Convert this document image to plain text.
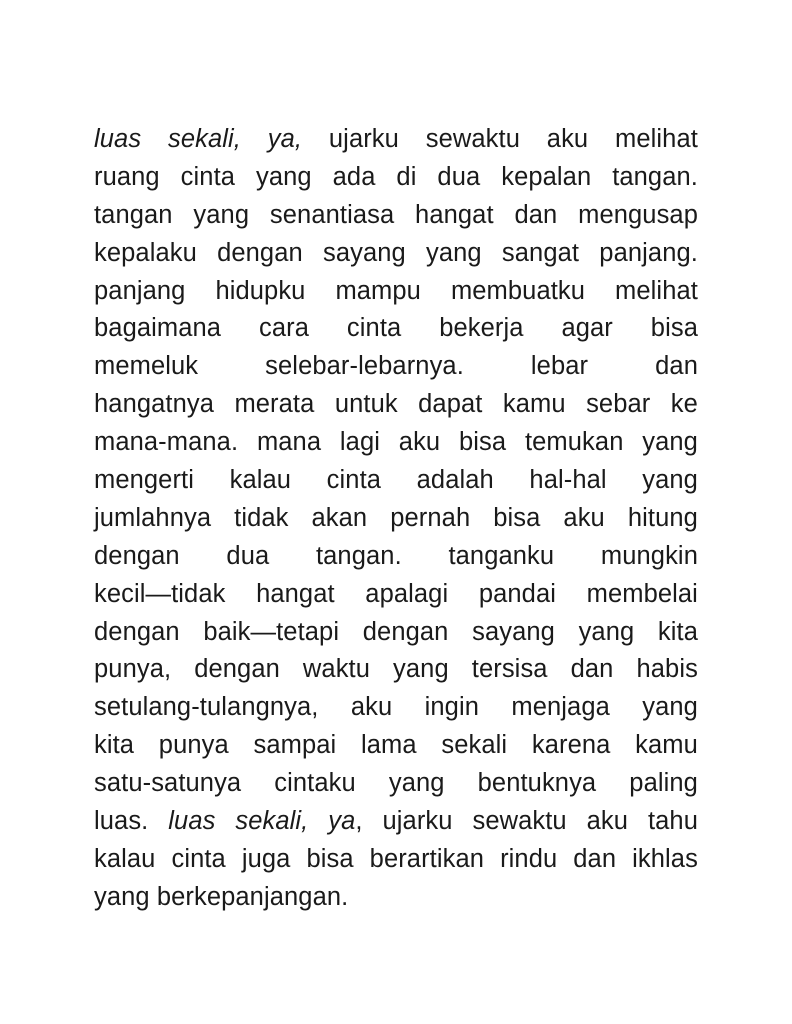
luas sekali, ya, ujarku sewaktu aku melihat
ruang cinta yang ada di dua kepalan tangan.
tangan yang senantiasa hangat dan mengusap
kepalaku dengan sayang yang sangat panjang.
panjang hidupku mampu membuatku melihat
bagaimana cara cinta bekerja agar bisa
memeluk	selebar-lebarnya.	lebar	dan
hangatnya merata untuk dapat kamu sebar ke
mana-mana. mana lagi aku bisa temukan yang
mengerti kalau cinta adalah hal-hal yang
jumlahnya tidak akan pernah bisa aku hitung
dengan dua tangan. tanganku mungkin
kecil—tidak hangat apalagi pandai membelai
dengan baik—tetapi dengan sayang yang kita
punya, dengan waktu yang tersisa dan habis
setulang-tulangnya, aku ingin menjaga yang
kita punya sampai lama sekali karena kamu
satu-satunya cintaku yang bentuknya paling
luas. luas sekali, ya, ujarku sewaktu aku tahu
kalau cinta juga bisa berartikan rindu dan ikhlas
yang berkepanjangan.
